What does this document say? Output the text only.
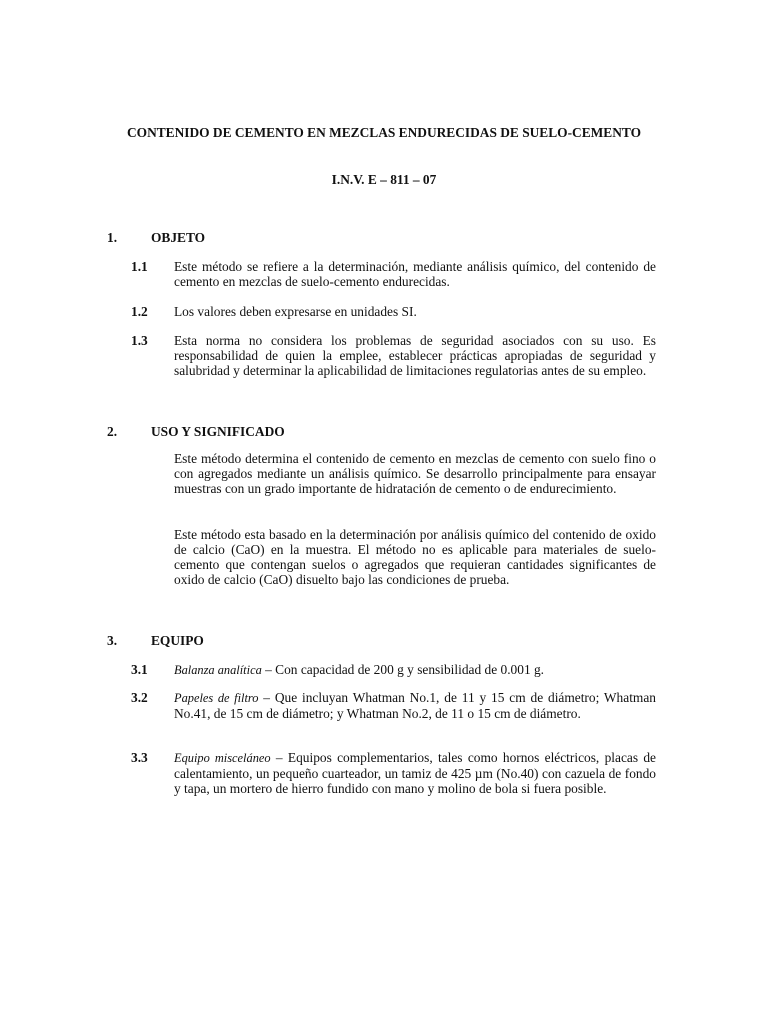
CONTENIDO DE CEMENTO EN MEZCLAS ENDURECIDAS DE SUELO-CEMENTO
I.N.V. E – 811 – 07
1.	OBJETO
1.1 Este método se refiere a la determinación, mediante análisis químico, del contenido de cemento en mezclas de suelo-cemento endurecidas.
1.2 Los valores deben expresarse en unidades SI.
1.3 Esta norma no considera los problemas de seguridad asociados con su uso. Es responsabilidad de quien la emplee, establecer prácticas apropiadas de seguridad y salubridad y determinar la aplicabilidad de limitaciones regulatorias antes de su empleo.
2.	USO Y SIGNIFICADO
Este método determina el contenido de cemento en mezclas de cemento con suelo fino o con agregados mediante un análisis químico. Se desarrollo principalmente para ensayar muestras con un grado importante de hidratación de cemento o de endurecimiento.
Este método esta basado en la determinación por análisis químico del contenido de oxido de calcio (CaO) en la muestra. El método no es aplicable para materiales de suelo-cemento que contengan suelos o agregados que requieran cantidades significantes de oxido de calcio (CaO) disuelto bajo las condiciones de prueba.
3.	EQUIPO
3.1 Balanza analítica – Con capacidad de 200 g y sensibilidad de 0.001 g.
3.2 Papeles de filtro – Que incluyan Whatman No.1, de 11 y 15 cm de diámetro; Whatman No.41, de 15 cm de diámetro; y Whatman No.2, de 11 o 15 cm de diámetro.
3.3 Equipo misceláneo – Equipos complementarios, tales como hornos eléctricos, placas de calentamiento, un pequeño cuarteador, un tamiz de 425 µm (No.40) con cazuela de fondo y tapa, un mortero de hierro fundido con mano y molino de bola si fuera posible.
